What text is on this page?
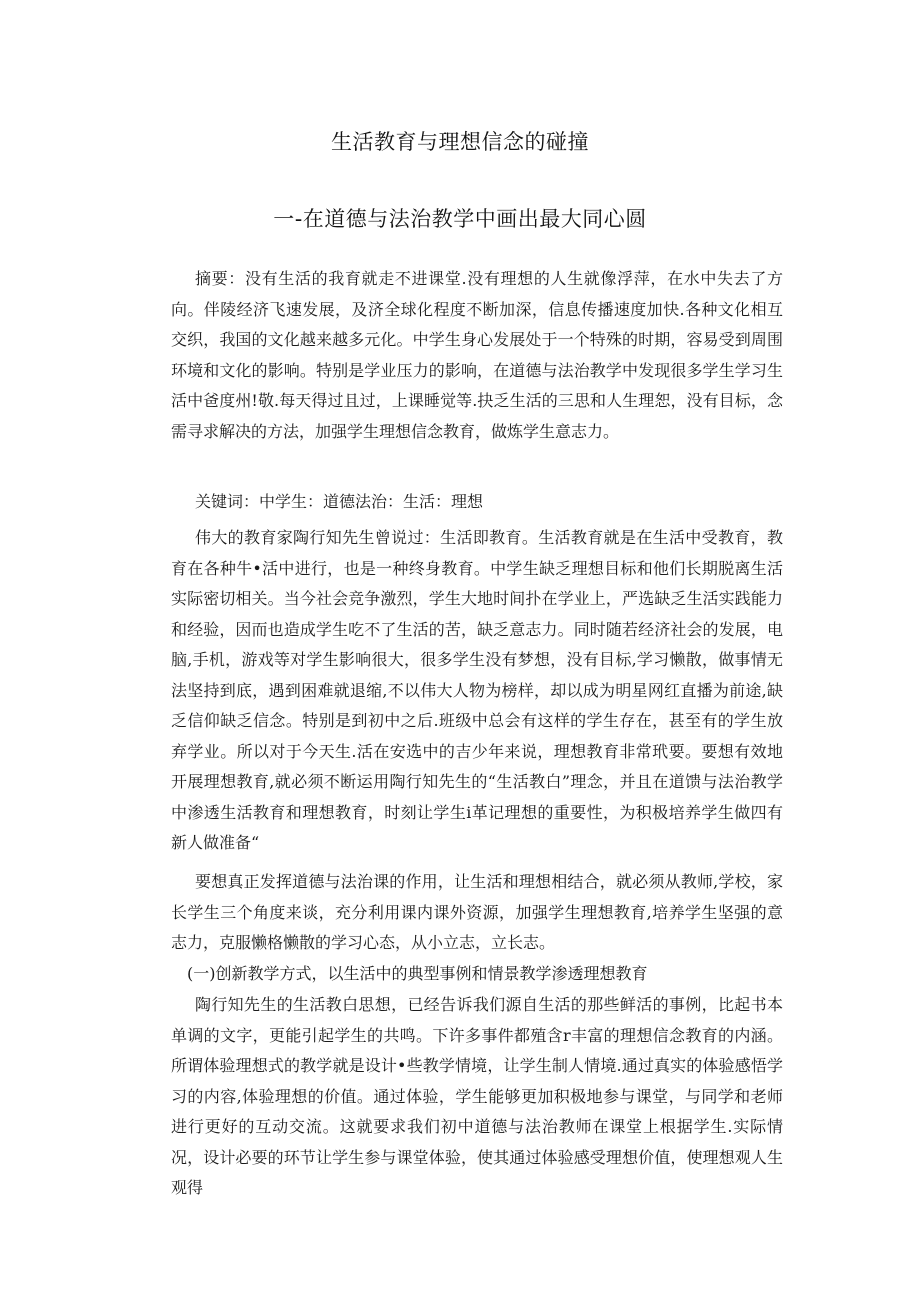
生活教育与理想信念的碰撞
一-在道德与法治教学中画出最大同心圆

摘要：没有生活的我育就走不进课堂.没有理想的人生就像浮萍，在水中失去了方向。伴陵经济飞速发展，及济全球化程度不断加深，信息传播速度加快.各种文化相互交织，我国的文化越来越多元化。中学生身心发展处于一个特殊的时期，容易受到周围环境和文化的影响。特别是学业压力的影响，在道德与法治教学中发现很多学生学习生活中爸度州!敬.每天得过且过，上课睡觉等.抉乏生活的三思和人生理恕，没有目标，念需寻求解决的方法，加强学生理想信念教育，做炼学生意志力。

关键词：中学生：道德法治：生活：理想

伟大的教育家陶行知先生曾说过：生活即教育。生活教育就是在生活中受教育，教育在各种牛•活中进行，也是一种终身教育。中学生缺乏理想目标和他们长期脱离生活实际密切相关。当今社会竞争激烈，学生大地时间扑在学业上，严选缺乏生活实践能力和经验，因而也造成学生吃不了生活的苦，缺乏意志力。同时随若经济社会的发展，电脑,手机，游戏等对学生影响很大，很多学生没有梦想，没有目标,学习懒散，做事情无法坚持到底，遇到困难就退缩,不以伟大人物为榜样，却以成为明星网红直播为前途,缺乏信仰缺乏信念。特别是到初中之后.班级中总会有这样的学生存在，甚至有的学生放弃学业。所以对于今天生.活在安选中的吉少年来说，理想教育非常玳要。要想有效地开展理想教育,就必须不断运用陶行知先生的“生活教白”理念，并且在道馈与法治教学中渗透生活教育和理想教育，时刻让学生i革记理想的重要性，为积极培养学生做四有新人做准备“

要想真正发挥道德与法治课的作用，让生活和理想相结合，就必须从教师,学校，家长学生三个角度来谈，充分利用课内课外资源，加强学生理想教育,培养学生坚强的意志力，克服懒格懒散的学习心态，从小立志，立长志。

(一)创新教学方式，以生活中的典型事例和情景教学渗透理想教育

陶行知先生的生活教白思想，已经告诉我们源自生活的那些鲜活的事例，比起书本单调的文字，更能引起学生的共鸣。下许多事件都殖含r丰富的理想信念教育的内涵。所谓体验理想式的教学就是设计•些教学情境，让学生制人情境.通过真实的体验感悟学习的内容,体验理想的价值。通过体验，学生能够更加积极地参与课堂，与同学和老师进行更好的互动交流。这就要求我们初中道德与法治教师在课堂上根据学生.实际情况，设计必要的环节让学生参与课堂体验，使其通过体验感受理想价值，使理想观人生观得
